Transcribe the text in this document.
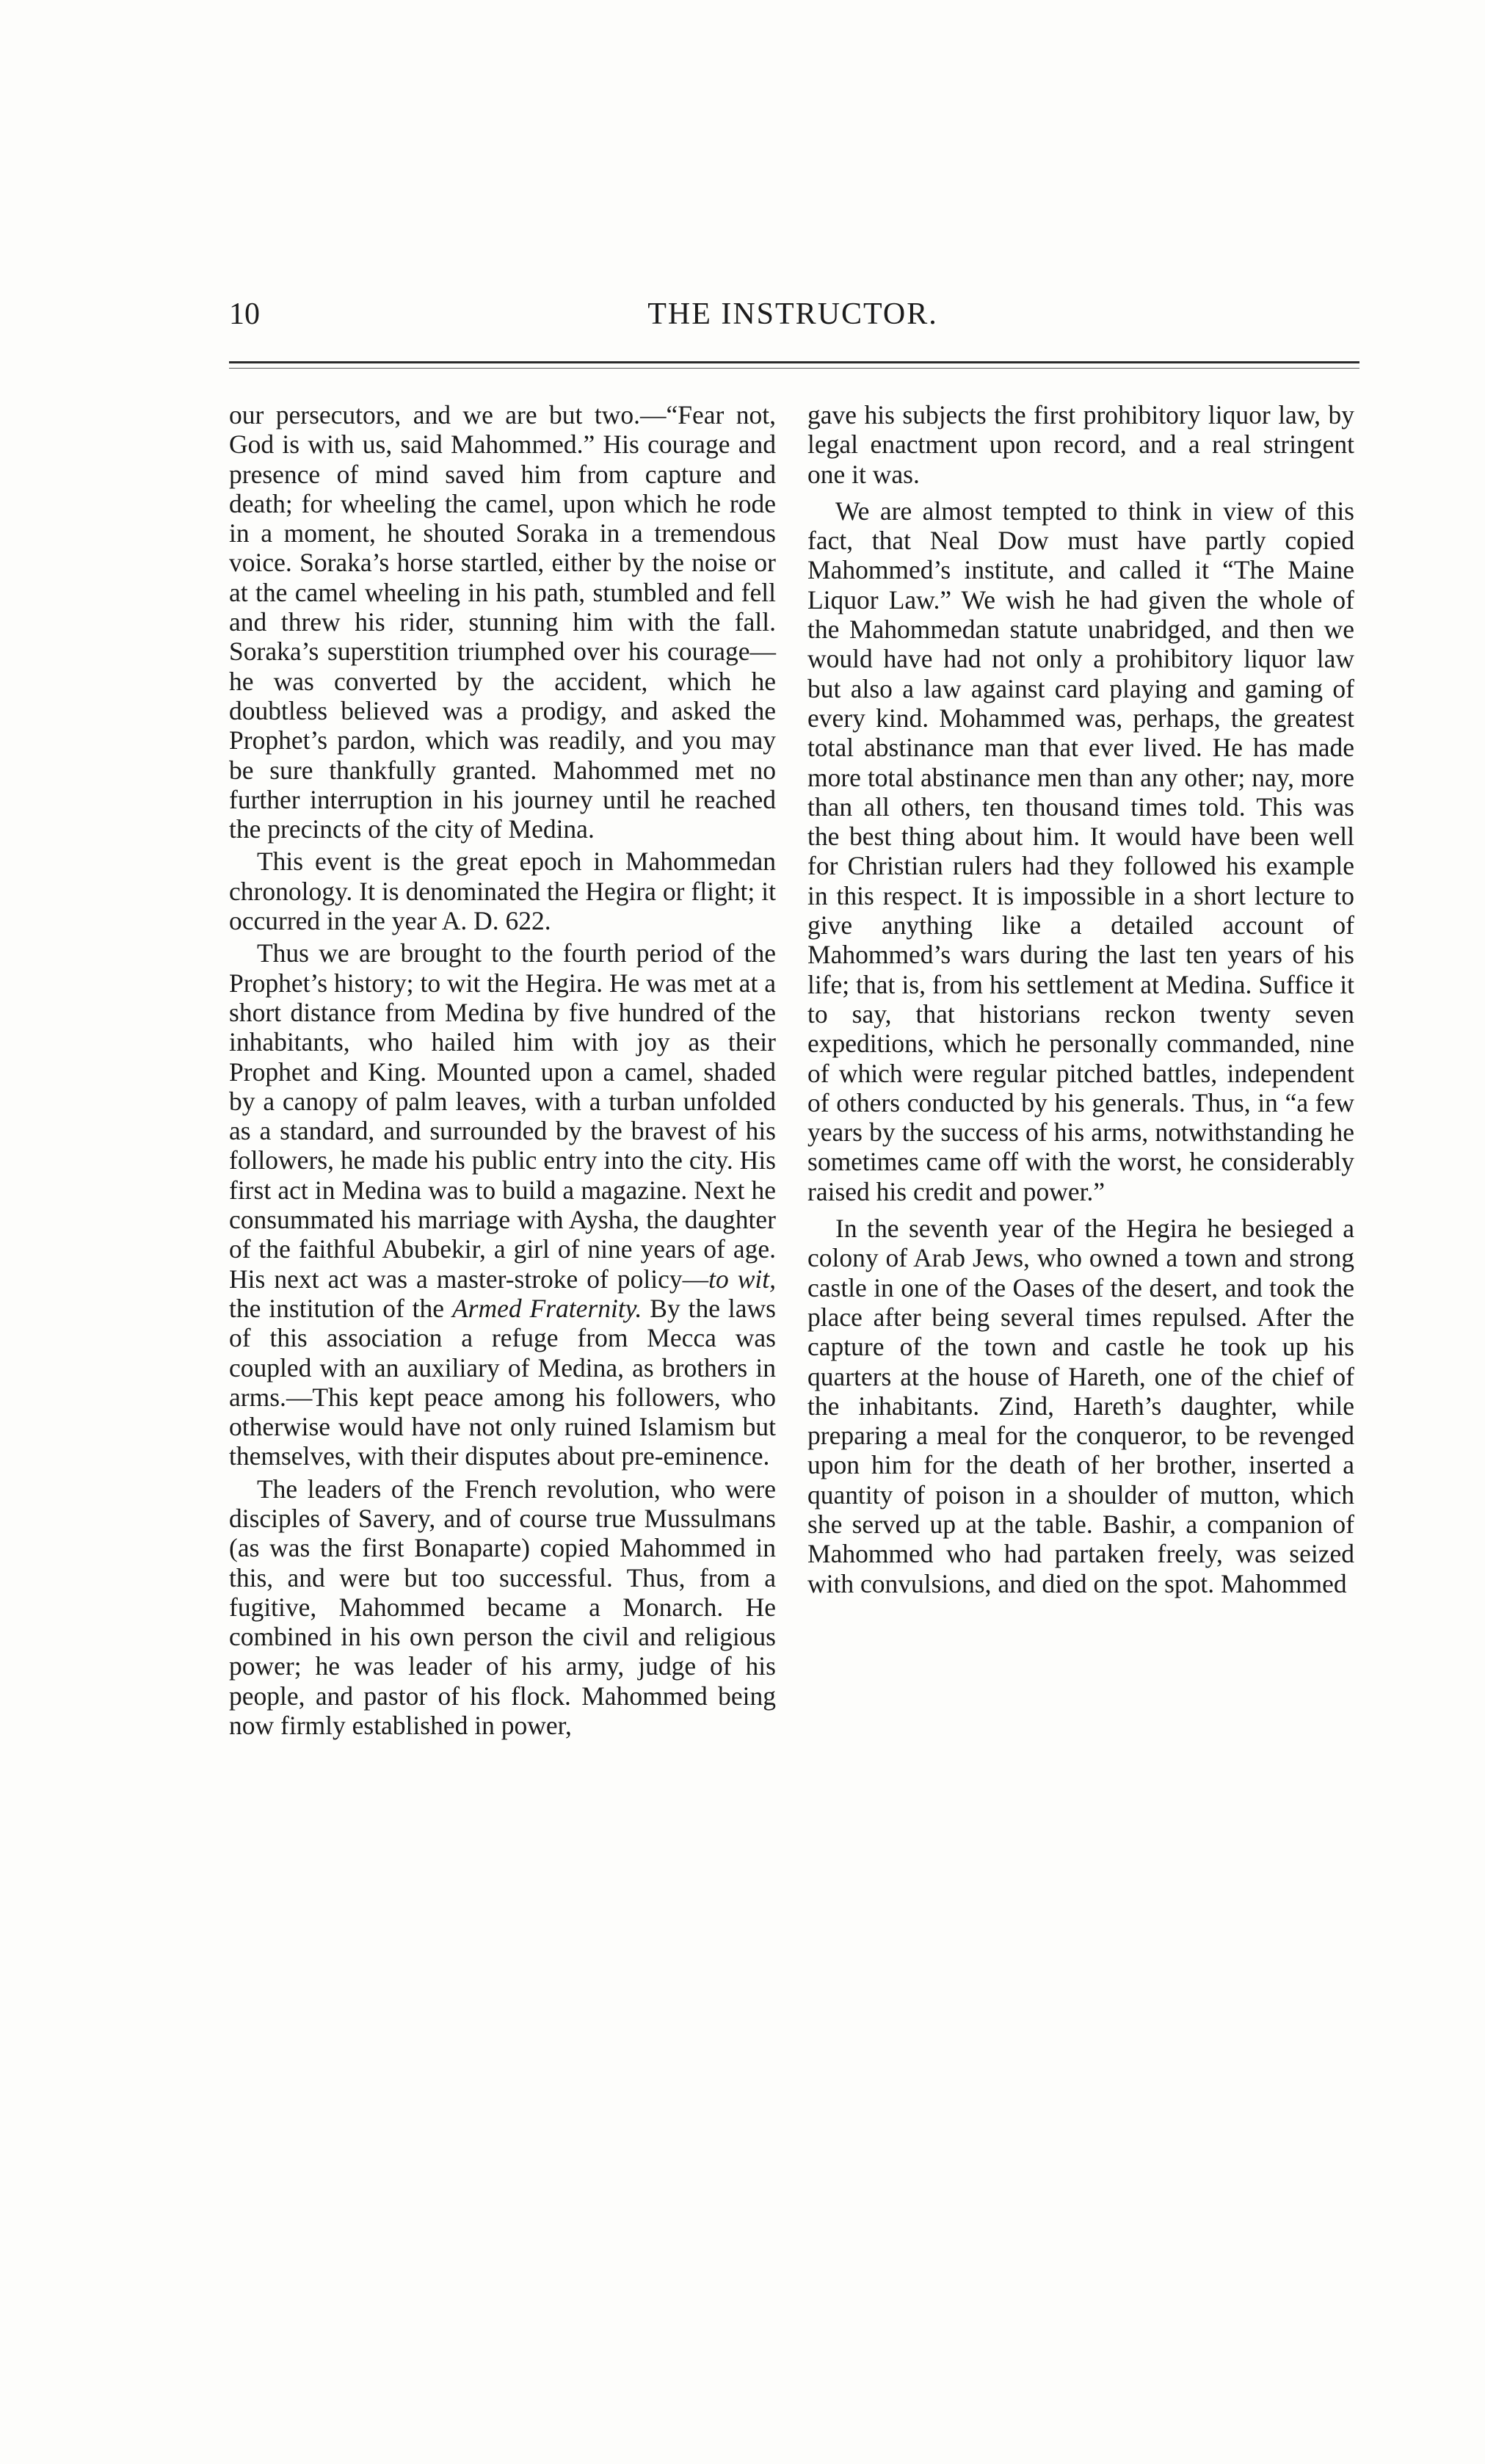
10	THE INSTRUCTOR.

our persecutors, and we are but two.—“Fear not, God is with us, said Mahommed.” His courage and presence of mind saved him from capture and death; for wheeling the camel, upon which he rode in a moment, he shouted Soraka in a tremendous voice. Soraka’s horse startled, either by the noise or at the camel wheeling in his path, stumbled and fell and threw his rider, stunning him with the fall. Soraka’s superstition triumphed over his courage—he was converted by the accident, which he doubtless believed was a prodigy, and asked the Prophet’s pardon, which was readily, and you may be sure thankfully granted. Mahommed met no further interruption in his journey until he reached the precincts of the city of Medina.

This event is the great epoch in Mahommedan chronology. It is denominated the Hegira or flight; it occurred in the year A. D. 622.

Thus we are brought to the fourth period of the Prophet’s history; to wit the Hegira. He was met at a short distance from Medina by five hundred of the inhabitants, who hailed him with joy as their Prophet and King. Mounted upon a camel, shaded by a canopy of palm leaves, with a turban unfolded as a standard, and surrounded by the bravest of his followers, he made his public entry into the city. His first act in Medina was to build a magazine. Next he consummated his marriage with Aysha, the daughter of the faithful Abubekir, a girl of nine years of age. His next act was a master-stroke of policy—to wit, the institution of the Armed Fraternity. By the laws of this association a refuge from Mecca was coupled with an auxiliary of Medina, as brothers in arms.—This kept peace among his followers, who otherwise would have not only ruined Islamism but themselves, with their disputes about pre-eminence.

The leaders of the French revolution, who were disciples of Savery, and of course true Mussulmans (as was the first Bonaparte) copied Mahommed in this, and were but too successful. Thus, from a fugitive, Mahommed became a Monarch. He combined in his own person the civil and religious power; he was leader of his army, judge of his people, and pastor of his flock. Mahommed being now firmly established in power,

gave his subjects the first prohibitory liquor law, by legal enactment upon record, and a real stringent one it was.

We are almost tempted to think in view of this fact, that Neal Dow must have partly copied Mahommed’s institute, and called it “The Maine Liquor Law.” We wish he had given the whole of the Mahommedan statute unabridged, and then we would have had not only a prohibitory liquor law but also a law against card playing and gaming of every kind. Mohammed was, perhaps, the greatest total abstinance man that ever lived. He has made more total abstinance men than any other; nay, more than all others, ten thousand times told. This was the best thing about him. It would have been well for Christian rulers had they followed his example in this respect. It is impossible in a short lecture to give anything like a detailed account of Mahommed’s wars during the last ten years of his life; that is, from his settlement at Medina. Suffice it to say, that historians reckon twenty seven expeditions, which he personally commanded, nine of which were regular pitched battles, independent of others conducted by his generals. Thus, in “a few years by the success of his arms, notwithstanding he sometimes came off with the worst, he considerably raised his credit and power.”

In the seventh year of the Hegira he besieged a colony of Arab Jews, who owned a town and strong castle in one of the Oases of the desert, and took the place after being several times repulsed. After the capture of the town and castle he took up his quarters at the house of Hareth, one of the chief of the inhabitants. Zind, Hareth’s daughter, while preparing a meal for the conqueror, to be revenged upon him for the death of her brother, inserted a quantity of poison in a shoulder of mutton, which she served up at the table. Bashir, a companion of Mahommed who had partaken freely, was seized with convulsions, and died on the spot. Mahommed
